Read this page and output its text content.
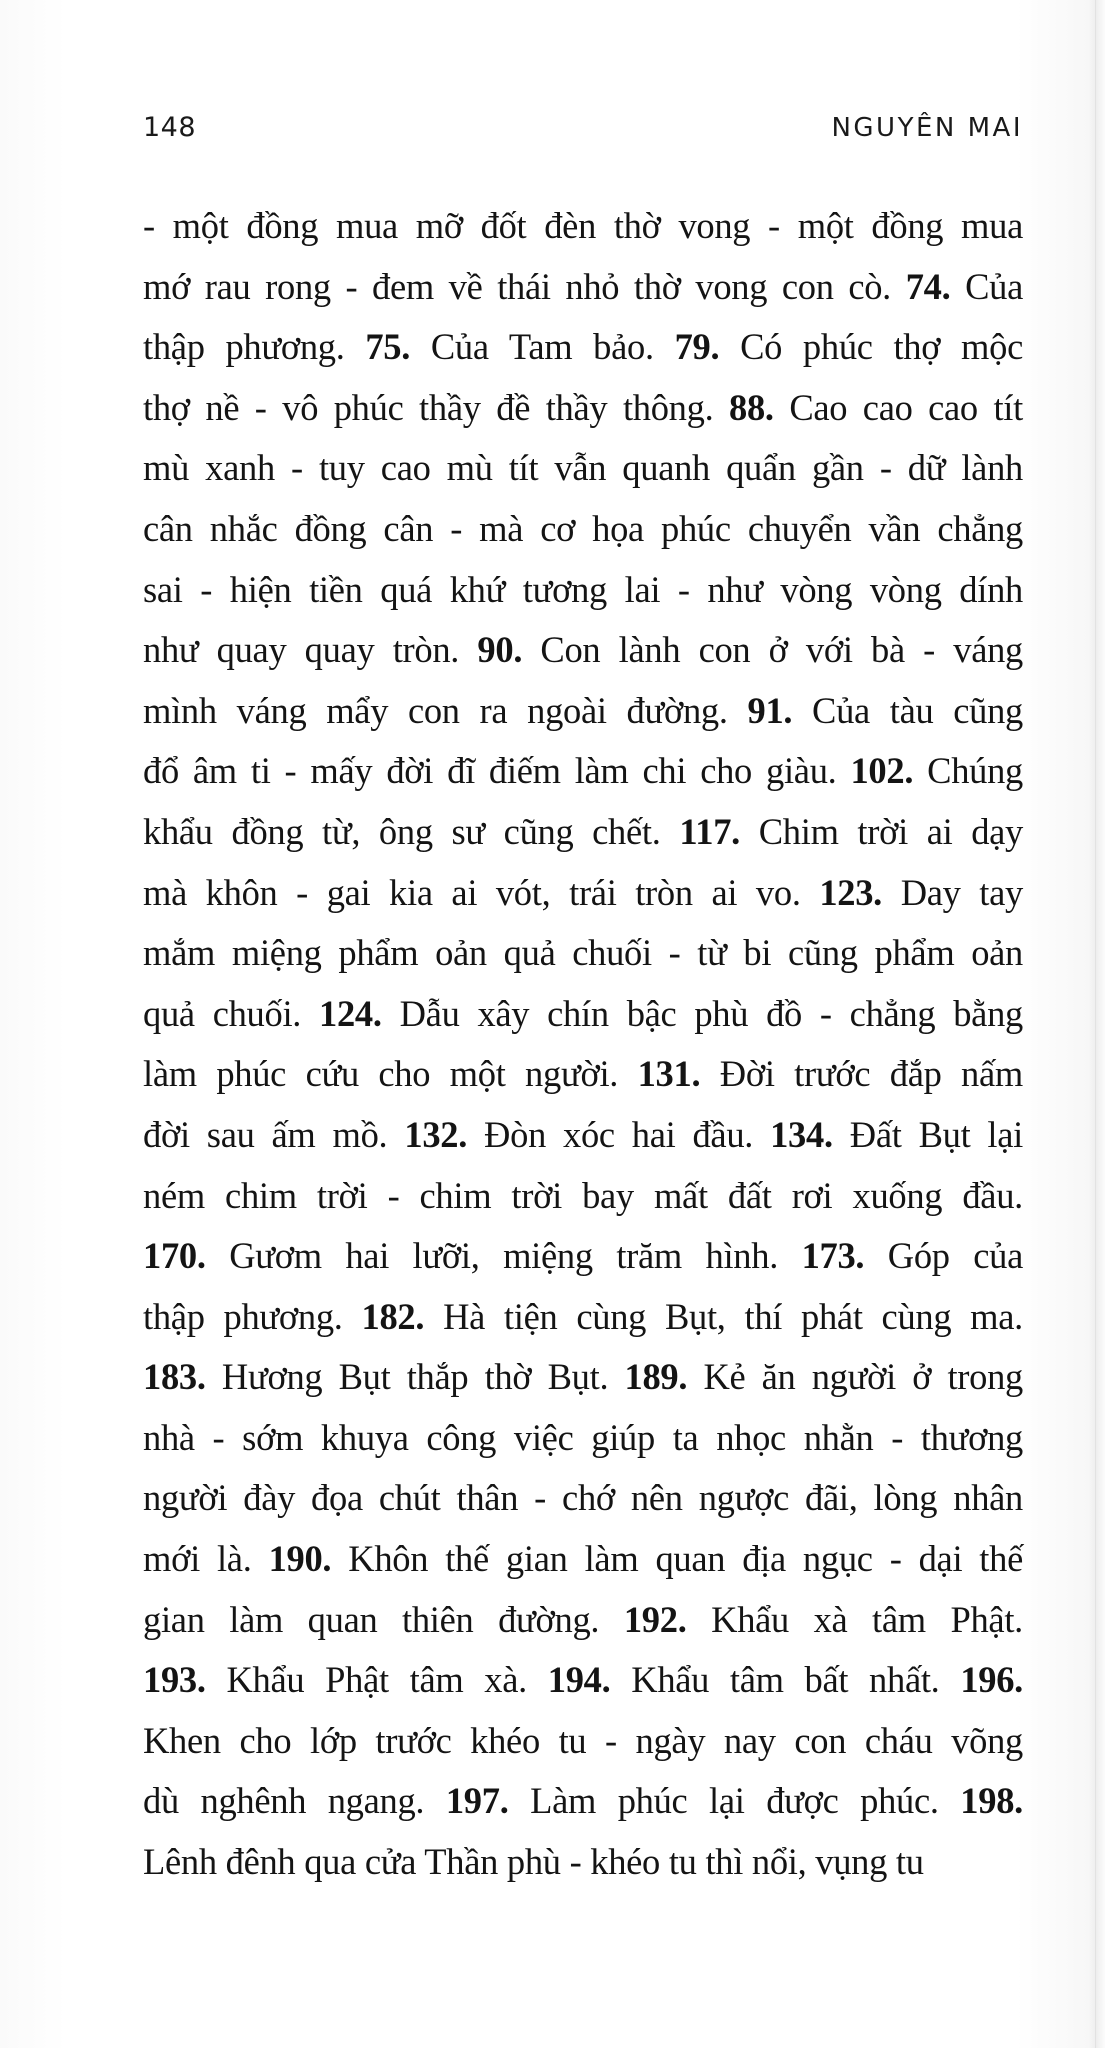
148	NGUYÊN MAI
- một đồng mua mỡ đốt đèn thờ vong - một đồng mua
mớ rau rong - đem về thái nhỏ thờ vong con cò. 74. Của
thập phương. 75. Của Tam bảo. 79. Có phúc thợ mộc
thợ nề - vô phúc thầy đề thầy thông. 88. Cao cao cao tít
mù xanh - tuy cao mù tít vẫn quanh quẩn gần - dữ lành
cân nhắc đồng cân - mà cơ họa phúc chuyển vần chẳng
sai - hiện tiền quá khứ tương lai - như vòng vòng dính
như quay quay tròn. 90. Con lành con ở với bà - váng
mình váng mẩy con ra ngoài đường. 91. Của tàu cũng
đổ âm ti - mấy đời đĩ điếm làm chi cho giàu. 102. Chúng
khẩu đồng từ, ông sư cũng chết. 117. Chim trời ai dạy
mà khôn - gai kia ai vót, trái tròn ai vo. 123. Day tay
mắm miệng phẩm oản quả chuối - từ bi cũng phẩm oản
quả chuối. 124. Dẫu xây chín bậc phù đồ - chẳng bằng
làm phúc cứu cho một người. 131. Đời trước đắp nấm
đời sau ấm mồ. 132. Đòn xóc hai đầu. 134. Đất Bụt lại
ném chim trời - chim trời bay mất đất rơi xuống đầu.
170. Gươm hai lưỡi, miệng trăm hình. 173. Góp của
thập phương. 182. Hà tiện cùng Bụt, thí phát cùng ma.
183. Hương Bụt thắp thờ Bụt. 189. Kẻ ăn người ở trong
nhà - sớm khuya công việc giúp ta nhọc nhằn - thương
người đày đọa chút thân - chớ nên ngược đãi, lòng nhân
mới là. 190. Khôn thế gian làm quan địa ngục - dại thế
gian làm quan thiên đường. 192. Khẩu xà tâm Phật.
193. Khẩu Phật tâm xà. 194. Khẩu tâm bất nhất. 196.
Khen cho lớp trước khéo tu - ngày nay con cháu võng
dù nghênh ngang. 197. Làm phúc lại được phúc. 198.
Lênh đênh qua cửa Thần phù - khéo tu thì nổi, vụng tu
